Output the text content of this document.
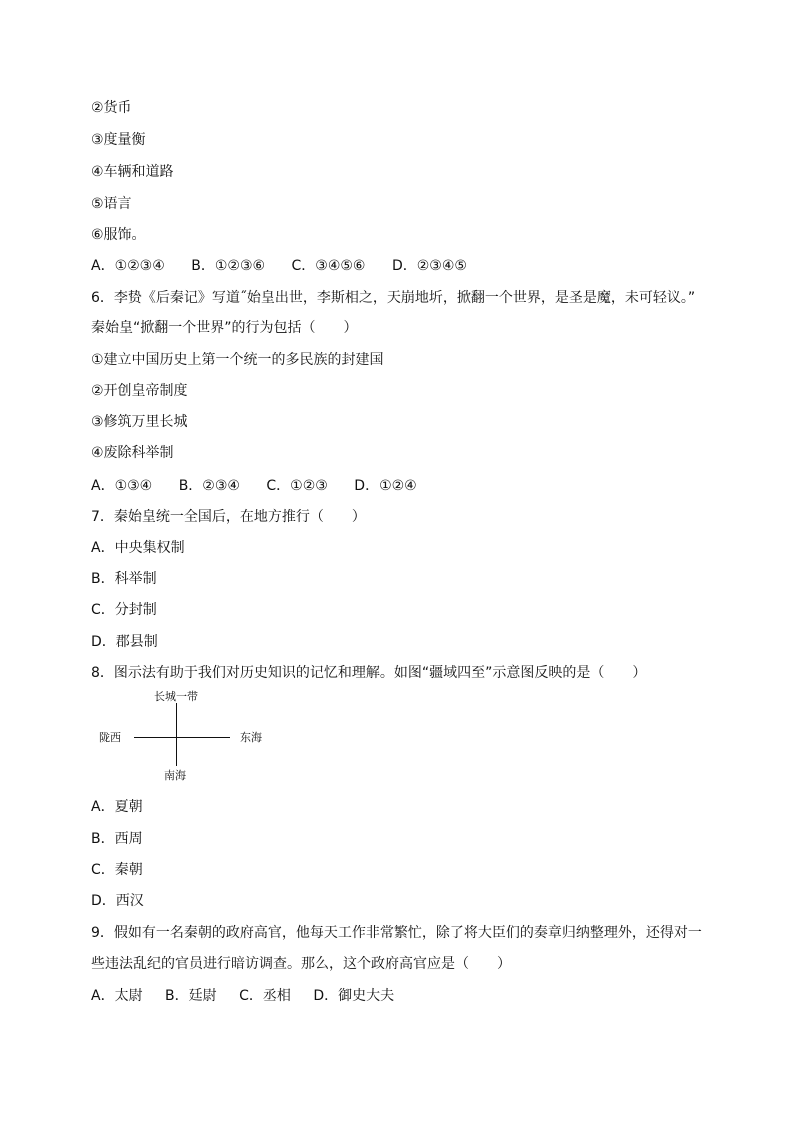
②货币
③度量衡
④车辆和道路
⑤语言
⑥服饰。
A．①②③④ B．①②③⑥ C．③④⑤⑥ D．②③④⑤
6．李贽《后秦记》写道˝始皇出世，李斯相之，天崩地圻，掀翻一个世界，是圣是魔，未可轻议。”
秦始皇“掀翻一个世界”的行为包括（　　）
①建立中国历史上第一个统一的多民族的封建国
②开创皇帝制度
③修筑万里长城
④废除科举制
A．①③④ B．②③④ C．①②③ D．①②④
7．秦始皇统一全国后，在地方推行（　　）
A．中央集权制
B．科举制
C．分封制
D．郡县制
8．图示法有助于我们对历史知识的记忆和理解。如图“疆域四至”示意图反映的是（　　）
长城一带
陇西	东海
南海
A．夏朝
B．西周
C．秦朝
D．西汉
9．假如有一名秦朝的政府高官，他每天工作非常繁忙，除了将大臣们的奏章归纳整理外，还得对一
些违法乱纪的官员进行暗访调查。那么，这个政府高官应是（　　）
A．太尉 B．廷尉 C．丞相 D．御史大夫
